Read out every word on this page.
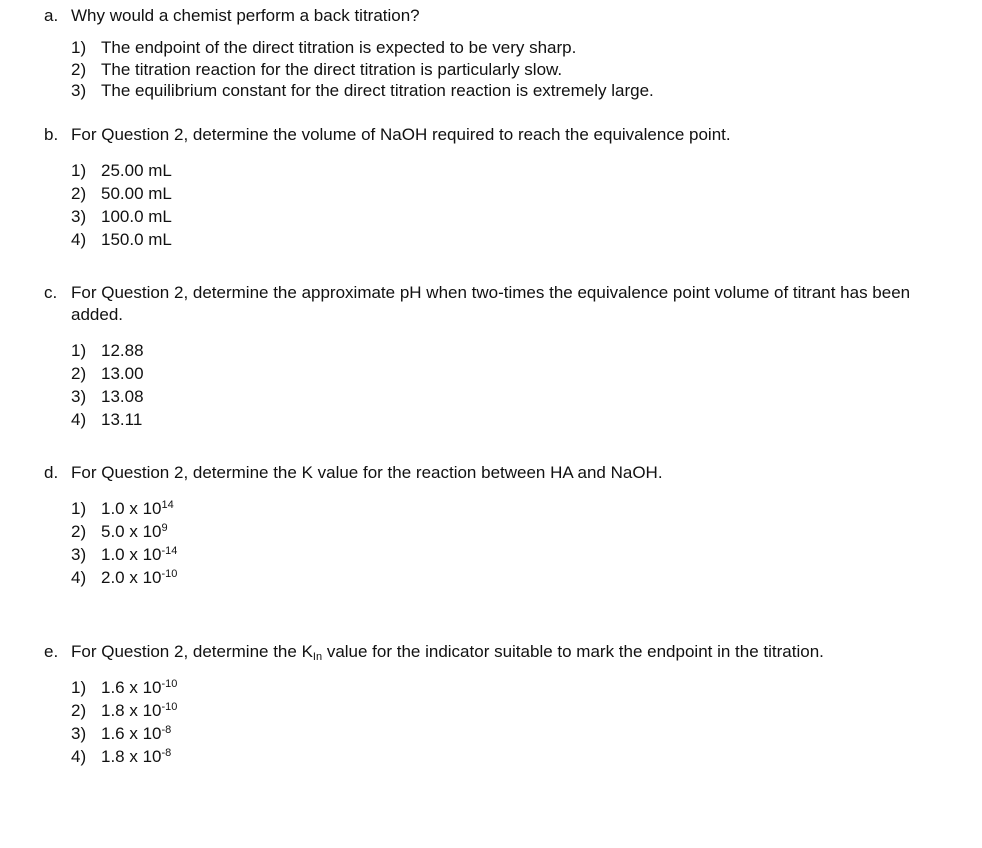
a. Why would a chemist perform a back titration?
1) The endpoint of the direct titration is expected to be very sharp.
2) The titration reaction for the direct titration is particularly slow.
3) The equilibrium constant for the direct titration reaction is extremely large.
b. For Question 2, determine the volume of NaOH required to reach the equivalence point.
1) 25.00 mL
2) 50.00 mL
3) 100.0 mL
4) 150.0 mL
c. For Question 2, determine the approximate pH when two-times the equivalence point volume of titrant has been added.
1) 12.88
2) 13.00
3) 13.08
4) 13.11
d. For Question 2, determine the K value for the reaction between HA and NaOH.
1) 1.0 x $10^{14}$
2) 5.0 x $10^9$
3) 1.0 x $10^{-14}$
4) 2.0 x $10^{-10}$
e. For Question 2, determine the $K_{In}$ value for the indicator suitable to mark the endpoint in the titration.
1) 1.6 x $10^{-10}$
2) 1.8 x $10^{-10}$
3) 1.6 x $10^{-8}$
4) 1.8 x $10^{-8}$
